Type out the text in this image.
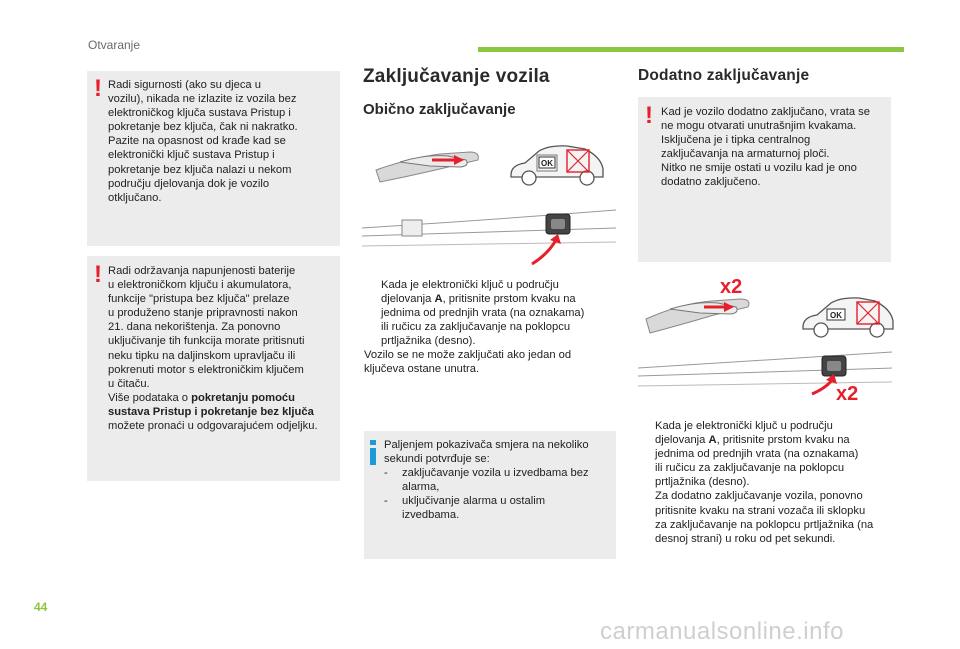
Otvaranje
44
carmanualsonline.info
! Radi sigurnosti (ako su djeca u
vozilu), nikada ne izlazite iz vozila bez
elektroničkog ključa sustava Pristup i
pokretanje bez ključa, čak ni nakratko.
Pazite na opasnost od krađe kad se
elektronički ključ sustava Pristup i
pokretanje bez ključa nalazi u nekom
području djelovanja dok je vozilo
otključano.
! Radi održavanja napunjenosti baterije
u elektroničkom ključu i akumulatora,
funkcije "pristupa bez ključa" prelaze
u produženo stanje pripravnosti nakon
21. dana nekorištenja. Za ponovno
uključivanje tih funkcija morate pritisnuti
neku tipku na daljinskom upravljaču ili
pokrenuti motor s elektroničkim ključem
u čitaču.
Više podataka o pokretanju pomoću
sustava Pristup i pokretanje bez ključa
možete pronaći u odgovarajućem odjeljku.
Zaključavanje vozila
Obično zaključavanje
OK
Kada je elektronički ključ u području
djelovanja A, pritisnite prstom kvaku na
jednima od prednjih vrata (na oznakama)
ili ručicu za zaključavanje na poklopcu
prtljažnika (desno).
Vozilo se ne može zaključati ako jedan od
ključeva ostane unutra.
Paljenjem pokazivača smjera na nekoliko
sekundi potvrđuje se:
-	zaključavanje vozila u izvedbama bez
alarma,
-	uključivanje alarma u ostalim
izvedbama.
Dodatno zaključavanje
! Kad je vozilo dodatno zaključano, vrata se
ne mogu otvarati unutrašnjim kvakama.
Isključena je i tipka centralnog
zaključavanja na armaturnoj ploči.
Nitko ne smije ostati u vozilu kad je ono
dodatno zaključeno.
x2
OK
x2
Kada je elektronički ključ u području
djelovanja A, pritisnite prstom kvaku na
jednima od prednjih vrata (na oznakama)
ili ručicu za zaključavanje na poklopcu
prtljažnika (desno).
Za dodatno zaključavanje vozila, ponovno
pritisnite kvaku na strani vozača ili sklopku
za zaključavanje na poklopcu prtljažnika (na
desnoj strani) u roku od pet sekundi.
